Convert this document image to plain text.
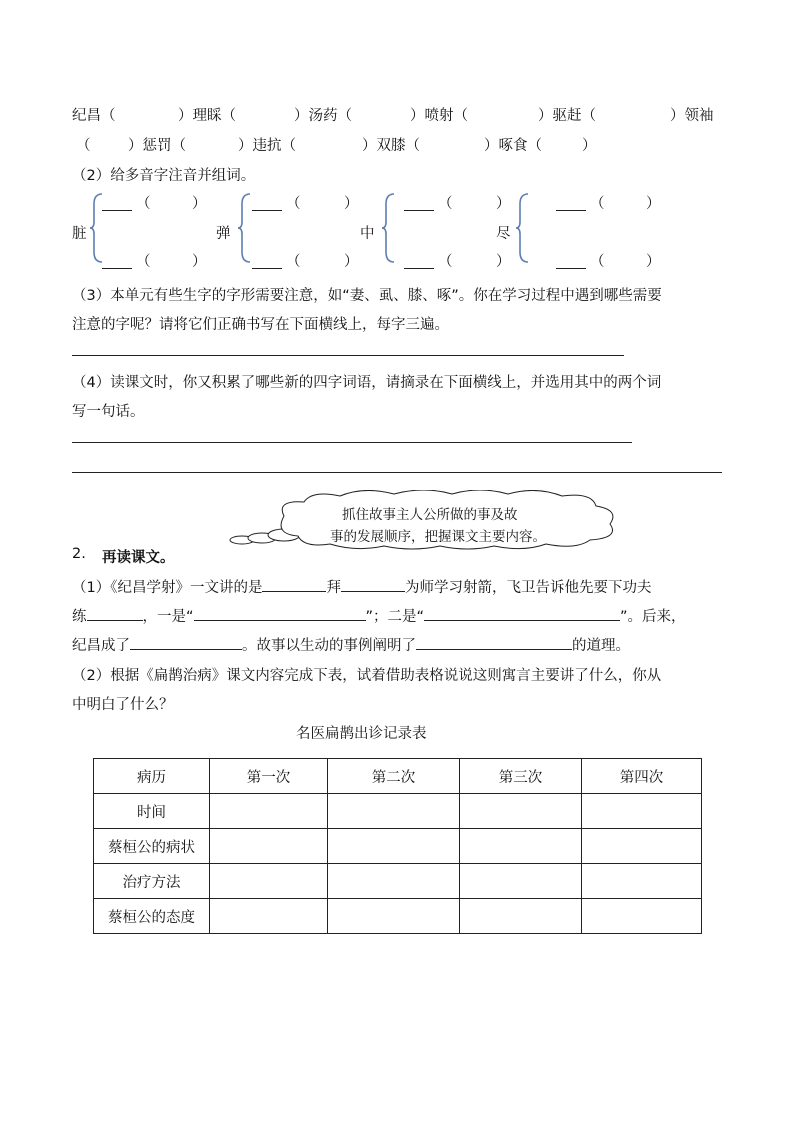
纪昌（	）理睬（	）汤药（	）喷射（	）驱赶（	）领袖
（	）惩罚（	）违抗（	）双膝（	）啄食（	）
（2）给多音字注音并组词。
脏
（	）
（	）
弹
（	）
（	）
中
（	）
（	）
尽
（	）
（	）
（3）本单元有些生字的字形需要注意，如“妻、虱、膝、啄”。你在学习过程中遇到哪些需要
注意的字呢？请将它们正确书写在下面横线上，每字三遍。
（4）读课文时，你又积累了哪些新的四字词语，请摘录在下面横线上，并选用其中的两个词
写一句话。
抓住故事主人公所做的事及故
事的发展顺序，把握课文主要内容。
2. 再读课文。
（1）《纪昌学射》一文讲的是	拜	为师学习射箭，飞卫告诉他先要下功夫
练	，一是“	”；二是“	”。后来，
纪昌成了	。故事以生动的事例阐明了	的道理。
（2）根据《扁鹊治病》课文内容完成下表，试着借助表格说说这则寓言主要讲了什么，你从
中明白了什么？
名医扁鹊出诊记录表
病历	第一次	第二次	第三次	第四次
时间				
蔡桓公的病状				
治疗方法				
蔡桓公的态度				
